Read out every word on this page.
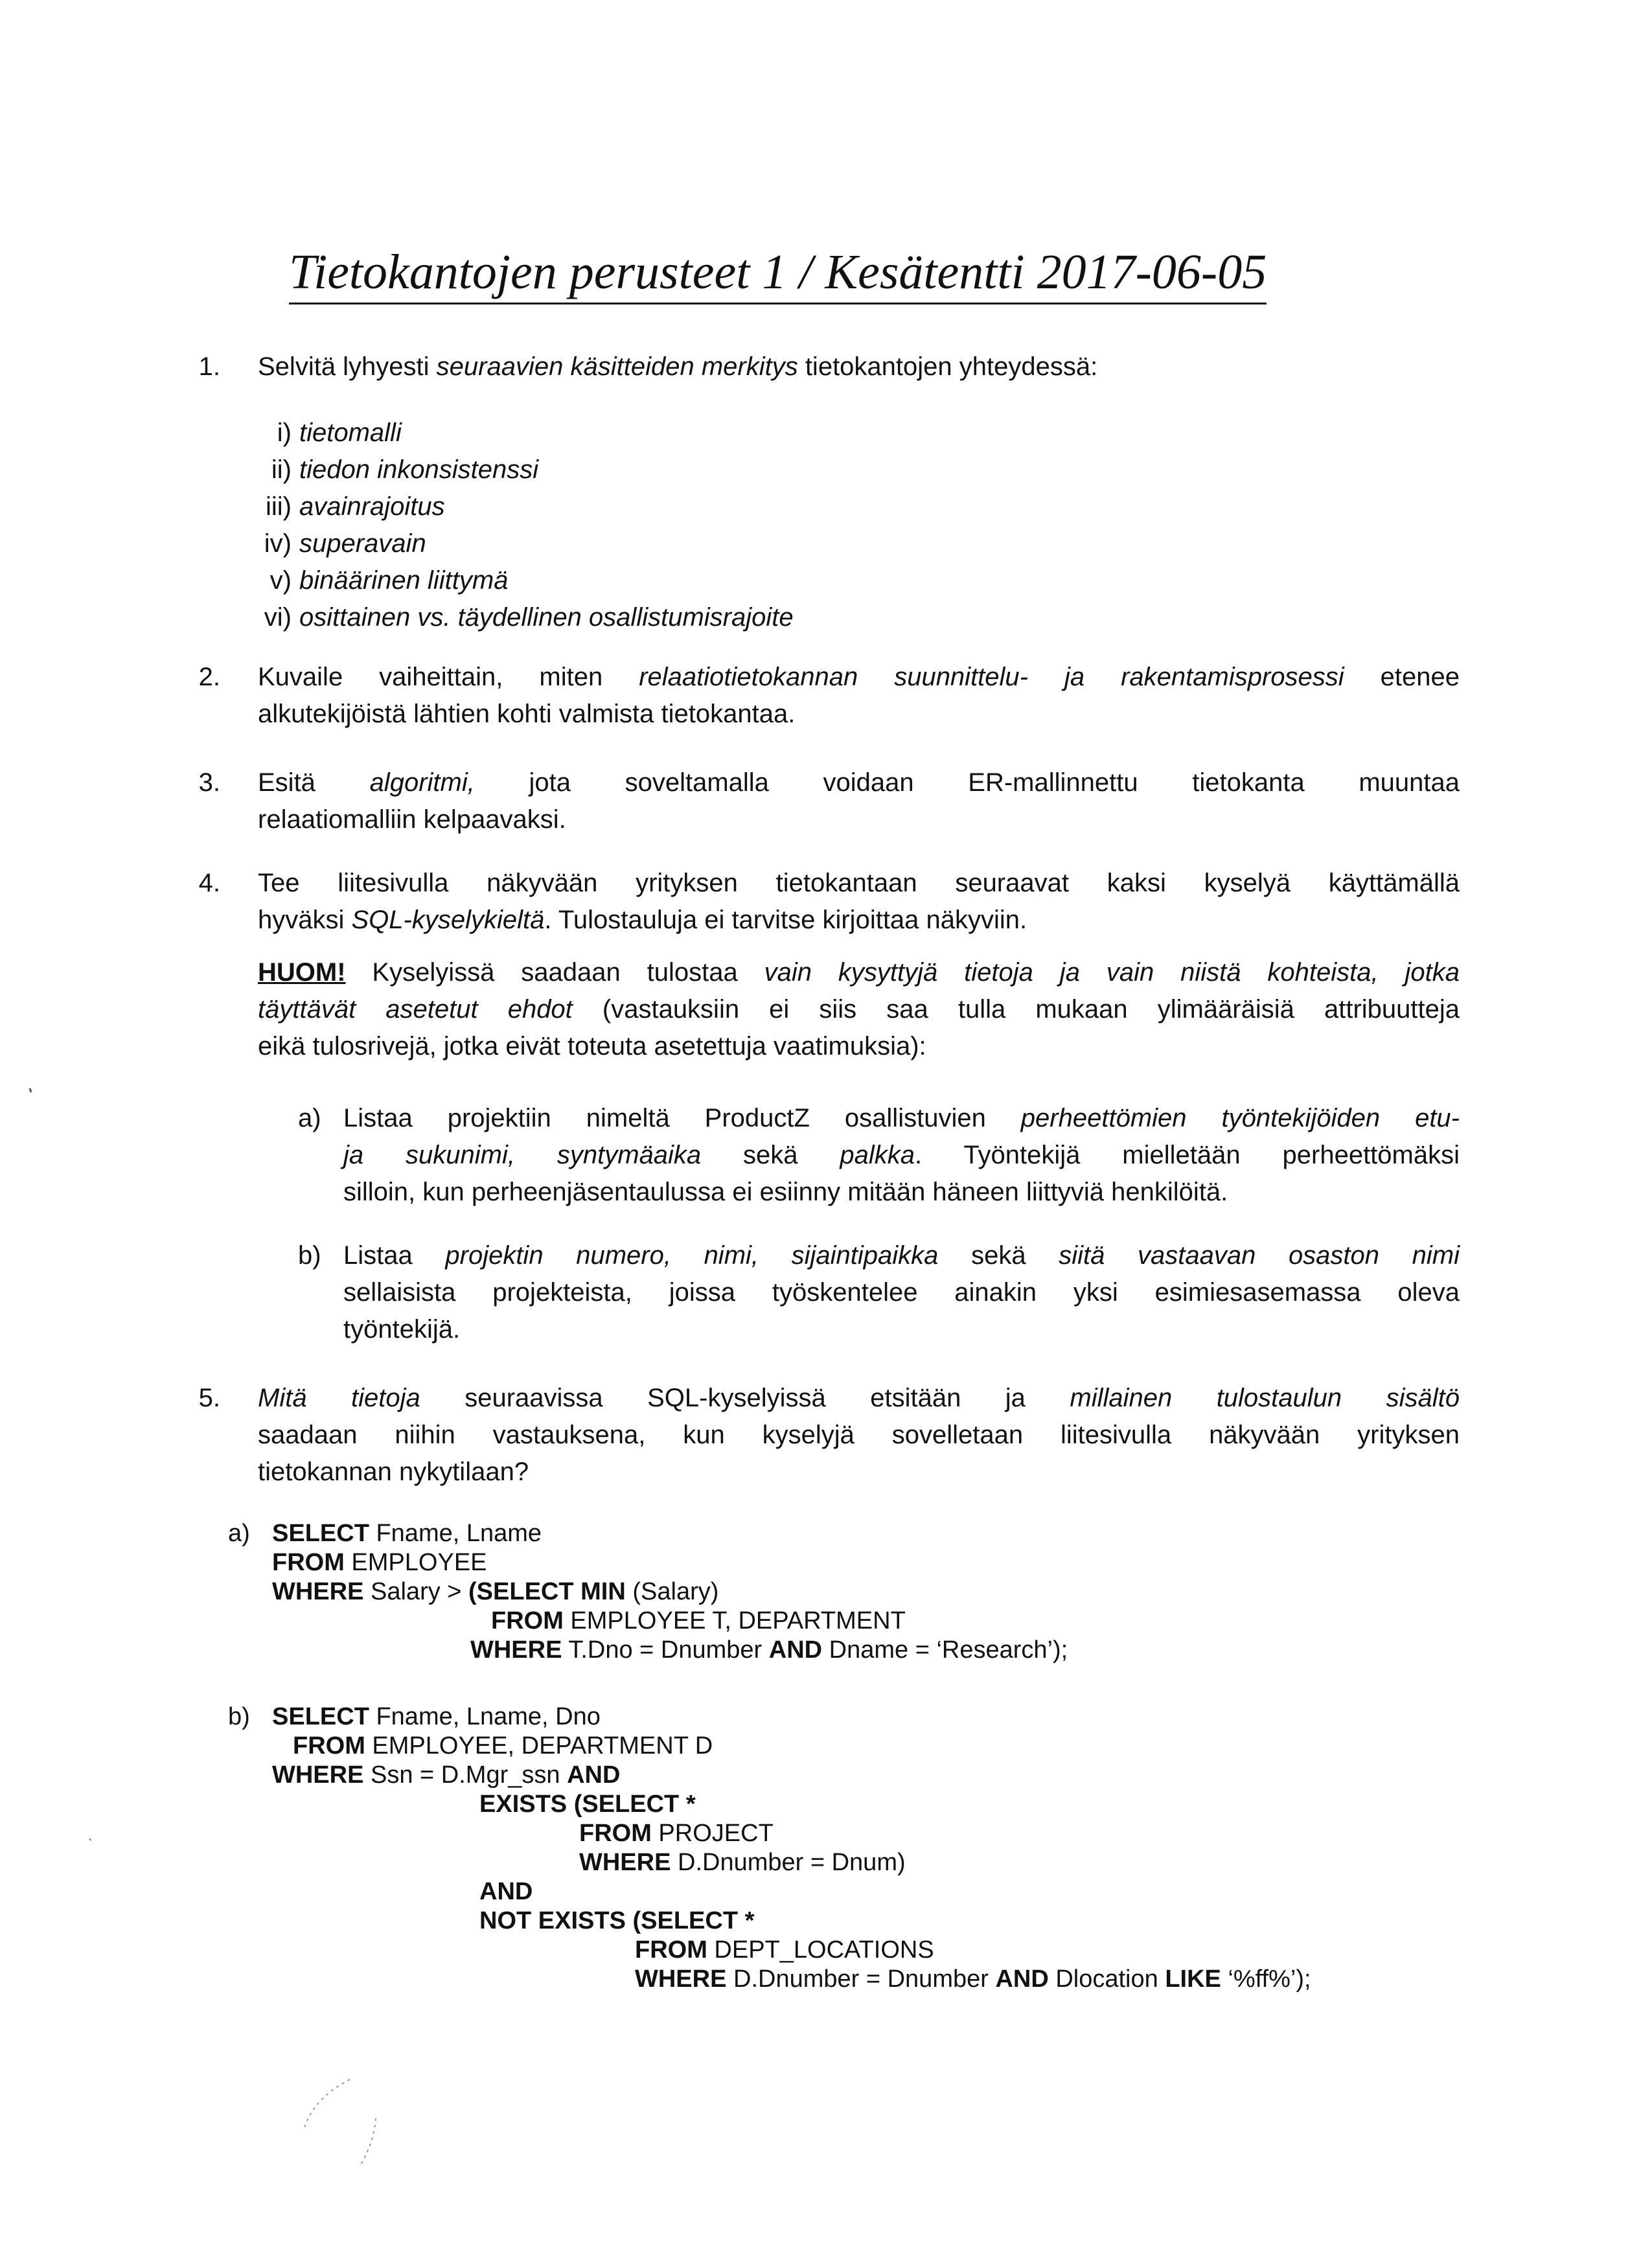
Tietokantojen perusteet 1 / Kesätentti 2017-06-05
1. Selvitä lyhyesti seuraavien käsitteiden merkitys tietokantojen yhteydessä:
i) tietomalli
ii) tiedon inkonsistenssi
iii) avainrajoitus
iv) superavain
v) binäärinen liittymä
vi) osittainen vs. täydellinen osallistumisrajoite
2. Kuvaile vaiheittain, miten relaatiotietokannan suunnittelu- ja rakentamisprosessi etenee
alkutekijöistä lähtien kohti valmista tietokantaa.
3. Esitä algoritmi, jota soveltamalla voidaan ER-mallinnettu tietokanta muuntaa
relaatiomalliin kelpaavaksi.
4. Tee liitesivulla näkyvään yrityksen tietokantaan seuraavat kaksi kyselyä käyttämällä
hyväksi SQL-kyselykieltä. Tulostauluja ei tarvitse kirjoittaa näkyviin.
HUOM! Kyselyissä saadaan tulostaa vain kysyttyjä tietoja ja vain niistä kohteista, jotka
täyttävät asetetut ehdot (vastauksiin ei siis saa tulla mukaan ylimääräisiä attribuutteja
eikä tulosrivejä, jotka eivät toteuta asetettuja vaatimuksia):
a) Listaa projektiin nimeltä ProductZ osallistuvien perheettömien työntekijöiden etu-
ja sukunimi, syntymäaika sekä palkka. Työntekijä mielletään perheettömäksi
silloin, kun perheenjäsentaulussa ei esiinny mitään häneen liittyviä henkilöitä.
b) Listaa projektin numero, nimi, sijaintipaikka sekä siitä vastaavan osaston nimi
sellaisista projekteista, joissa työskentelee ainakin yksi esimiesasemassa oleva
työntekijä.
5. Mitä tietoja seuraavissa SQL-kyselyissä etsitään ja millainen tulostaulun sisältö
saadaan niihin vastauksena, kun kyselyjä sovelletaan liitesivulla näkyvään yrityksen
tietokannan nykytilaan?
a) SELECT Fname, Lname
FROM EMPLOYEE
WHERE Salary > (SELECT MIN (Salary)
FROM EMPLOYEE T, DEPARTMENT
WHERE T.Dno = Dnumber AND Dname = ‘Research’);
b) SELECT Fname, Lname, Dno
FROM EMPLOYEE, DEPARTMENT D
WHERE Ssn = D.Mgr_ssn AND
EXISTS (SELECT *
FROM PROJECT
WHERE D.Dnumber = Dnum)
AND
NOT EXISTS (SELECT *
FROM DEPT_LOCATIONS
WHERE D.Dnumber = Dnumber AND Dlocation LIKE ‘%ff%’);
